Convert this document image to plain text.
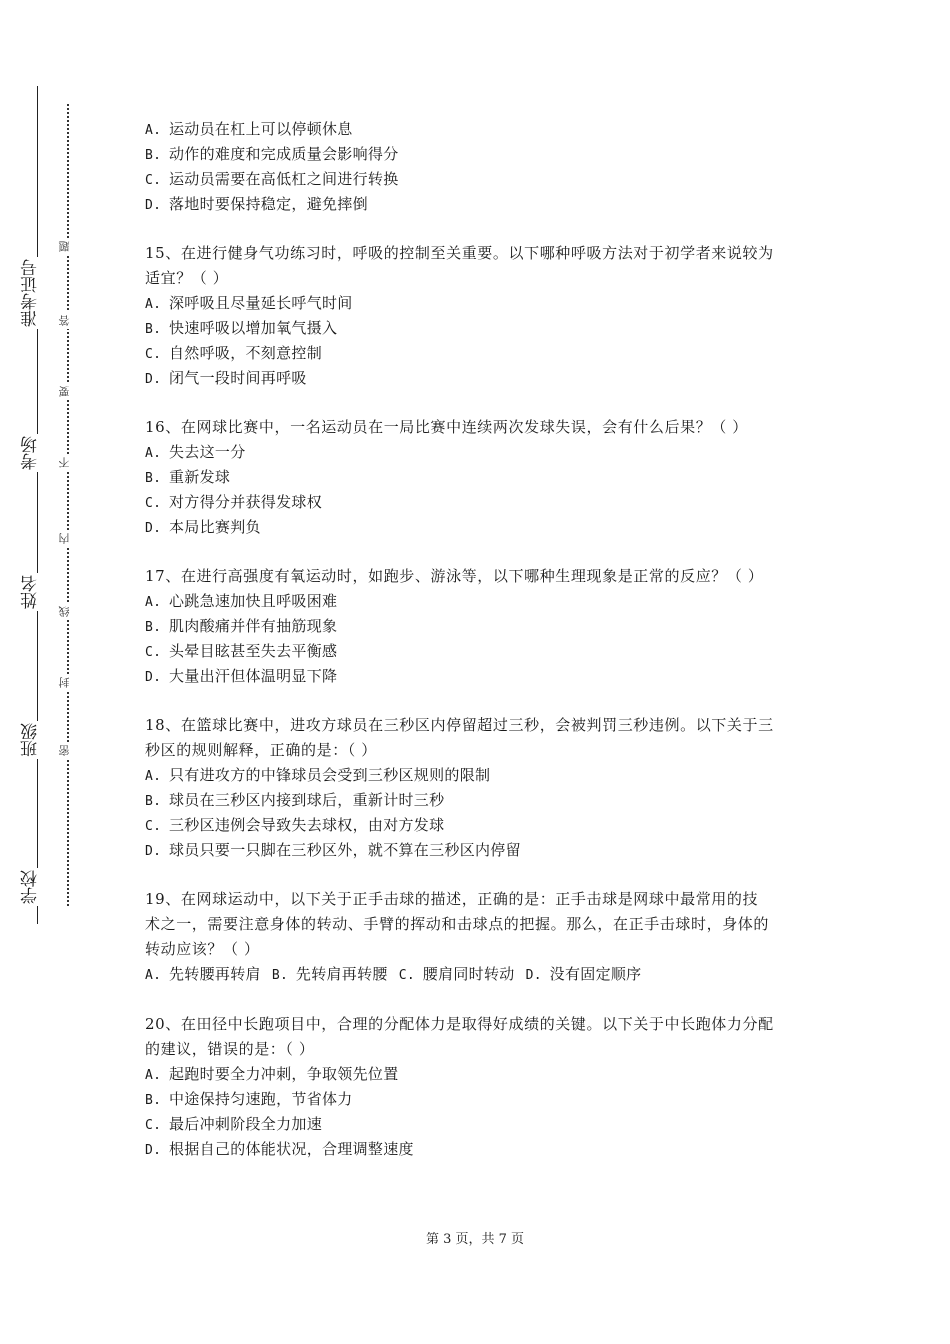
学校
班级
姓名
考场
准考证号
密
封
线
内
不
要
答
题
A. 运动员在杠上可以停顿休息
B. 动作的难度和完成质量会影响得分
C. 运动员需要在高低杠之间进行转换
D. 落地时要保持稳定，避免摔倒
15、在进行健身气功练习时，呼吸的控制至关重要。以下哪种呼吸方法对于初学者来说较为
适宜？（ ）
A. 深呼吸且尽量延长呼气时间
B. 快速呼吸以增加氧气摄入
C. 自然呼吸，不刻意控制
D. 闭气一段时间再呼吸
16、在网球比赛中，一名运动员在一局比赛中连续两次发球失误，会有什么后果？（ ）
A. 失去这一分
B. 重新发球
C. 对方得分并获得发球权
D. 本局比赛判负
17、在进行高强度有氧运动时，如跑步、游泳等，以下哪种生理现象是正常的反应？（ ）
A. 心跳急速加快且呼吸困难
B. 肌肉酸痛并伴有抽筋现象
C. 头晕目眩甚至失去平衡感
D. 大量出汗但体温明显下降
18、在篮球比赛中，进攻方球员在三秒区内停留超过三秒，会被判罚三秒违例。以下关于三
秒区的规则解释，正确的是：（ ）
A. 只有进攻方的中锋球员会受到三秒区规则的限制
B. 球员在三秒区内接到球后，重新计时三秒
C. 三秒区违例会导致失去球权，由对方发球
D. 球员只要一只脚在三秒区外，就不算在三秒区内停留
19、在网球运动中，以下关于正手击球的描述，正确的是：正手击球是网球中最常用的技
术之一，需要注意身体的转动、手臂的挥动和击球点的把握。那么，在正手击球时，身体的
转动应该？（ ）
A. 先转腰再转肩 B. 先转肩再转腰 C. 腰肩同时转动 D. 没有固定顺序
20、在田径中长跑项目中，合理的分配体力是取得好成绩的关键。以下关于中长跑体力分配
的建议，错误的是：（ ）
A. 起跑时要全力冲刺，争取领先位置
B. 中途保持匀速跑，节省体力
C. 最后冲刺阶段全力加速
D. 根据自己的体能状况，合理调整速度
第 3 页，共 7 页
